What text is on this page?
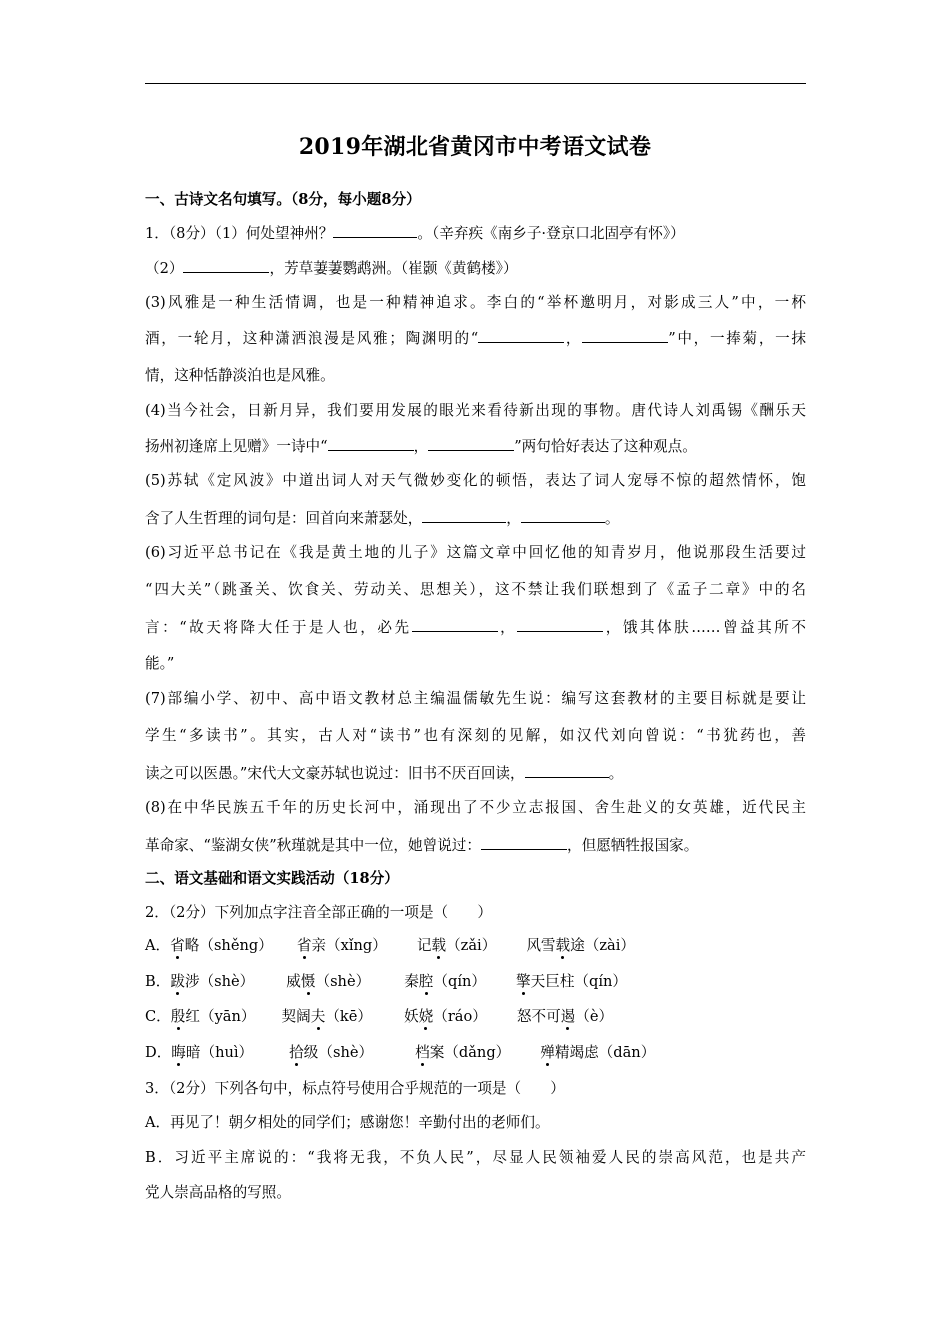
2019年湖北省黄冈市中考语文试卷
一、古诗文名句填写。（8分，每小题8分）
1．（8分）（1）何处望神州？	。（辛弃疾《南乡子·登京口北固亭有怀》）
（2）	，芳草萋萋鹦鹉洲。（崔颢《黄鹤楼》）
(3)风雅是一种生活情调，也是一种精神追求。李白的“举杯邀明月，对影成三人”中，一杯
酒，一轮月，这种潇洒浪漫是风雅；陶渊明的“	，	”中，一捧菊，一抹
情，这种恬静淡泊也是风雅。
(4)当今社会，日新月异，我们要用发展的眼光来看待新出现的事物。唐代诗人刘禹锡《酬乐天
扬州初逢席上见赠》一诗中“	，	”两句恰好表达了这种观点。
(5)苏轼《定风波》中道出词人对天气微妙变化的顿悟，表达了词人宠辱不惊的超然情怀，饱
含了人生哲理的词句是：回首向来萧瑟处，	，	。
(6)习近平总书记在《我是黄土地的儿子》这篇文章中回忆他的知青岁月，他说那段生活要过
“四大关”（跳蚤关、饮食关、劳动关、思想关），这不禁让我们联想到了《孟子二章》中的名
言：“故天将降大任于是人也，必先	，	，饿其体肤……曾益其所不
能。”
(7)部编小学、初中、高中语文教材总主编温儒敏先生说：编写这套教材的主要目标就是要让
学生“多读书”。其实，古人对“读书”也有深刻的见解，如汉代刘向曾说：“书犹药也，善
读之可以医愚。”宋代大文豪苏轼也说过：旧书不厌百回读，	。
(8)在中华民族五千年的历史长河中，涌现出了不少立志报国、舍生赴义的女英雄，近代民主
革命家、“鉴湖女侠”秋瑾就是其中一位，她曾说过：	，但愿牺牲报国家。
二、语文基础和语文实践活动（18分）
2．（2分）下列加点字注音全部正确的一项是（　　）
A．省略（shěng） 省亲（xǐng） 记载（zǎi） 风雪载途（zài）
B．跋涉（shè） 威慑（shè） 秦腔（qín） 擎天巨柱（qín）
C．殷红（yān） 契阔夫（kē） 妖娆（ráo） 怒不可遏（è）
D．晦暗（huì） 拾级（shè）	档案（dǎng） 殚精竭虑（dān）
3．（2分）下列各句中，标点符号使用合乎规范的一项是（　　）
A．再见了！朝夕相处的同学们；感谢您！辛勤付出的老师们。
B．习近平主席说的：“我将无我，不负人民”，尽显人民领袖爱人民的崇高风范，也是共产
党人崇高品格的写照。
